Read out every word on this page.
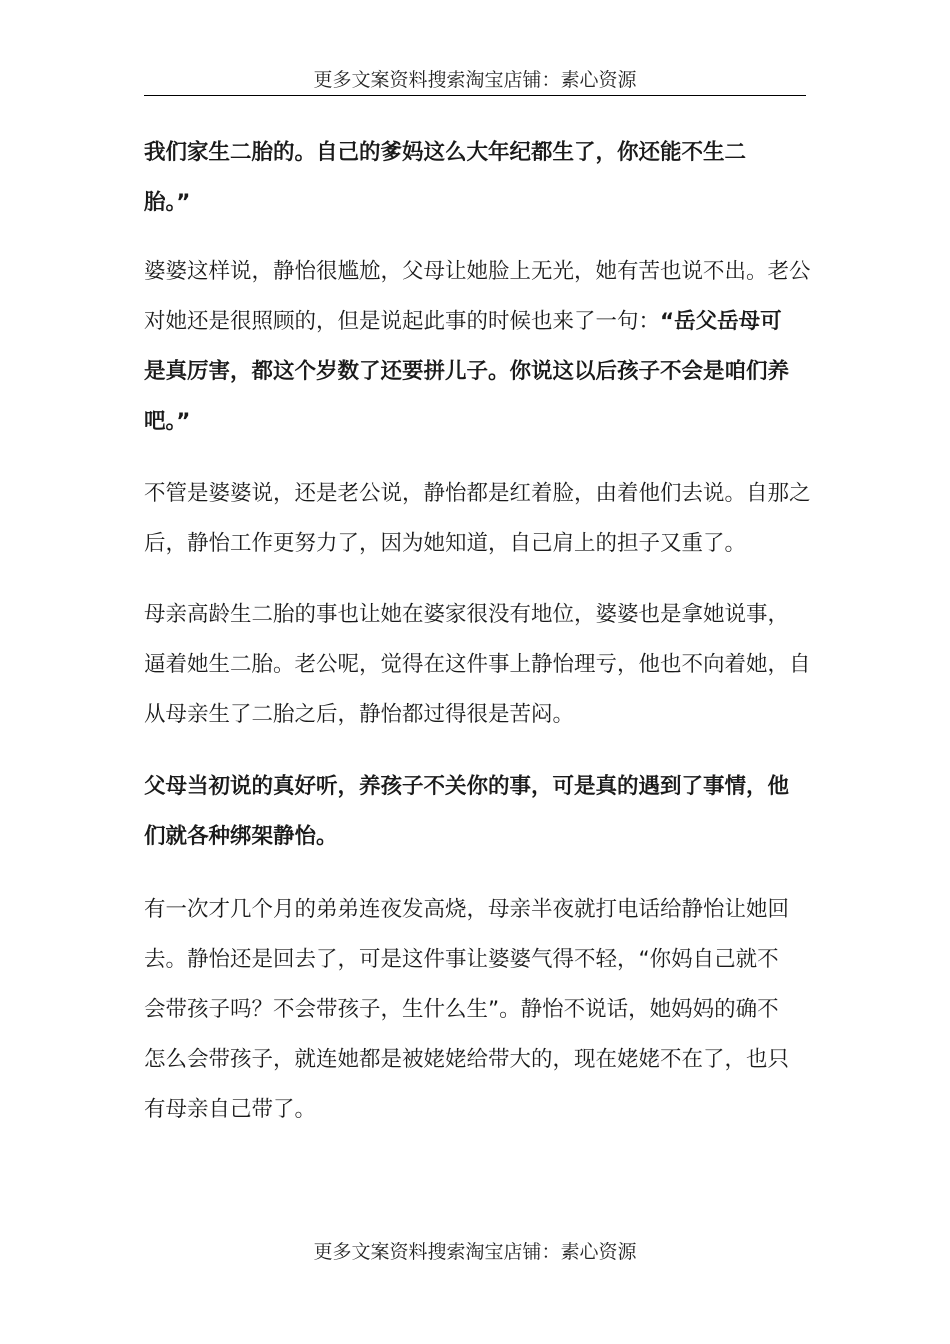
更多文案资料搜索淘宝店铺：素心资源
我们家生二胎的。自己的爹妈这么大年纪都生了，你还能不生二
胎。”
婆婆这样说，静怡很尴尬，父母让她脸上无光，她有苦也说不出。老公
对她还是很照顾的，但是说起此事的时候也来了一句：“岳父岳母可
是真厉害，都这个岁数了还要拼儿子。你说这以后孩子不会是咱们养
吧。”
不管是婆婆说，还是老公说，静怡都是红着脸，由着他们去说。自那之
后，静怡工作更努力了，因为她知道，自己肩上的担子又重了。
母亲高龄生二胎的事也让她在婆家很没有地位，婆婆也是拿她说事，
逼着她生二胎。老公呢，觉得在这件事上静怡理亏，他也不向着她，自
从母亲生了二胎之后，静怡都过得很是苦闷。
父母当初说的真好听，养孩子不关你的事，可是真的遇到了事情，他
们就各种绑架静怡。
有一次才几个月的弟弟连夜发高烧，母亲半夜就打电话给静怡让她回
去。静怡还是回去了，可是这件事让婆婆气得不轻，“你妈自己就不
会带孩子吗？不会带孩子，生什么生”。静怡不说话，她妈妈的确不
怎么会带孩子，就连她都是被姥姥给带大的，现在姥姥不在了，也只
有母亲自己带了。
更多文案资料搜索淘宝店铺：素心资源
